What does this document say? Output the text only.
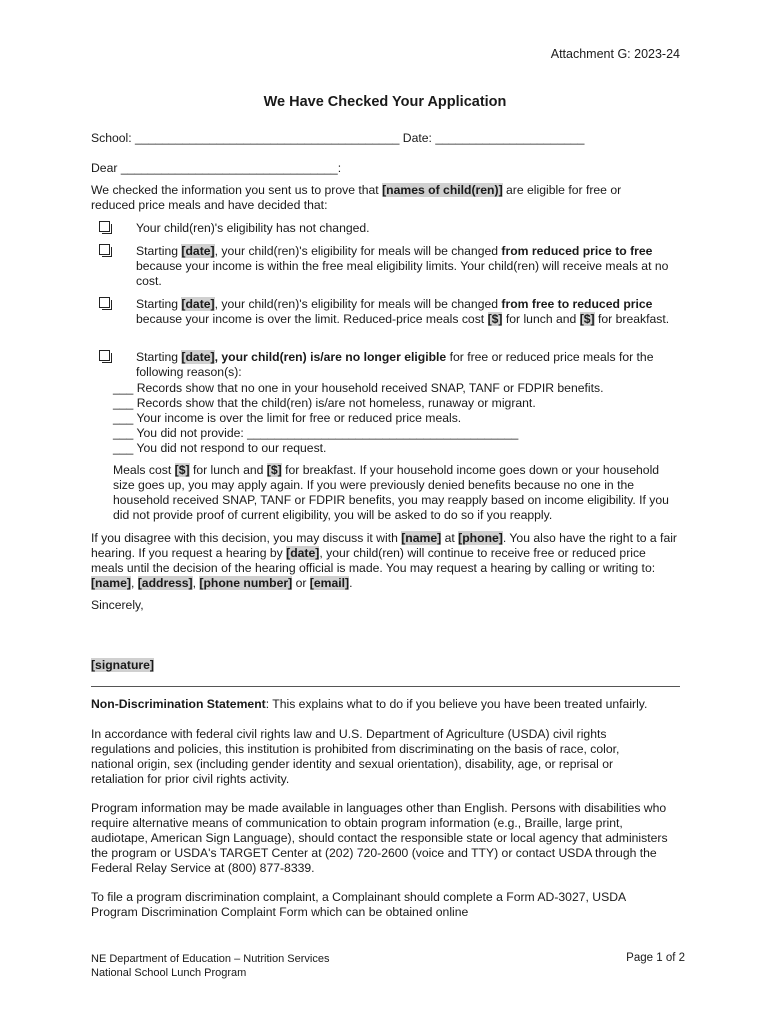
Attachment G: 2023-24
We Have Checked Your Application
School: _______________________________________ Date: ______________________
Dear ________________________________:
We checked the information you sent us to prove that [names of child(ren)] are eligible for free or reduced price meals and have decided that:
Your child(ren)'s eligibility has not changed.
Starting [date], your child(ren)'s eligibility for meals will be changed from reduced price to free because your income is within the free meal eligibility limits. Your child(ren) will receive meals at no cost.
Starting [date], your child(ren)'s eligibility for meals will be changed from free to reduced price because your income is over the limit. Reduced-price meals cost [$] for lunch and [$] for breakfast.
Starting [date], your child(ren) is/are no longer eligible for free or reduced price meals for the following reason(s):
___ Records show that no one in your household received SNAP, TANF or FDPIR benefits.
___ Records show that the child(ren) is/are not homeless, runaway or migrant.
___ Your income is over the limit for free or reduced price meals.
___ You did not provide: ________________________________________
___ You did not respond to our request.
Meals cost [$] for lunch and [$] for breakfast. If your household income goes down or your household size goes up, you may apply again. If you were previously denied benefits because no one in the household received SNAP, TANF or FDPIR benefits, you may reapply based on income eligibility. If you did not provide proof of current eligibility, you will be asked to do so if you reapply.
If you disagree with this decision, you may discuss it with [name] at [phone]. You also have the right to a fair hearing. If you request a hearing by [date], your child(ren) will continue to receive free or reduced price meals until the decision of the hearing official is made. You may request a hearing by calling or writing to: [name], [address], [phone number] or [email].
Sincerely,
[signature]
Non-Discrimination Statement: This explains what to do if you believe you have been treated unfairly.
In accordance with federal civil rights law and U.S. Department of Agriculture (USDA) civil rights regulations and policies, this institution is prohibited from discriminating on the basis of race, color, national origin, sex (including gender identity and sexual orientation), disability, age, or reprisal or retaliation for prior civil rights activity.
Program information may be made available in languages other than English. Persons with disabilities who require alternative means of communication to obtain program information (e.g., Braille, large print, audiotape, American Sign Language), should contact the responsible state or local agency that administers the program or USDA's TARGET Center at (202) 720-2600 (voice and TTY) or contact USDA through the Federal Relay Service at (800) 877-8339.
To file a program discrimination complaint, a Complainant should complete a Form AD-3027, USDA Program Discrimination Complaint Form which can be obtained online
NE Department of Education – Nutrition Services
National School Lunch Program
Page 1 of 2
